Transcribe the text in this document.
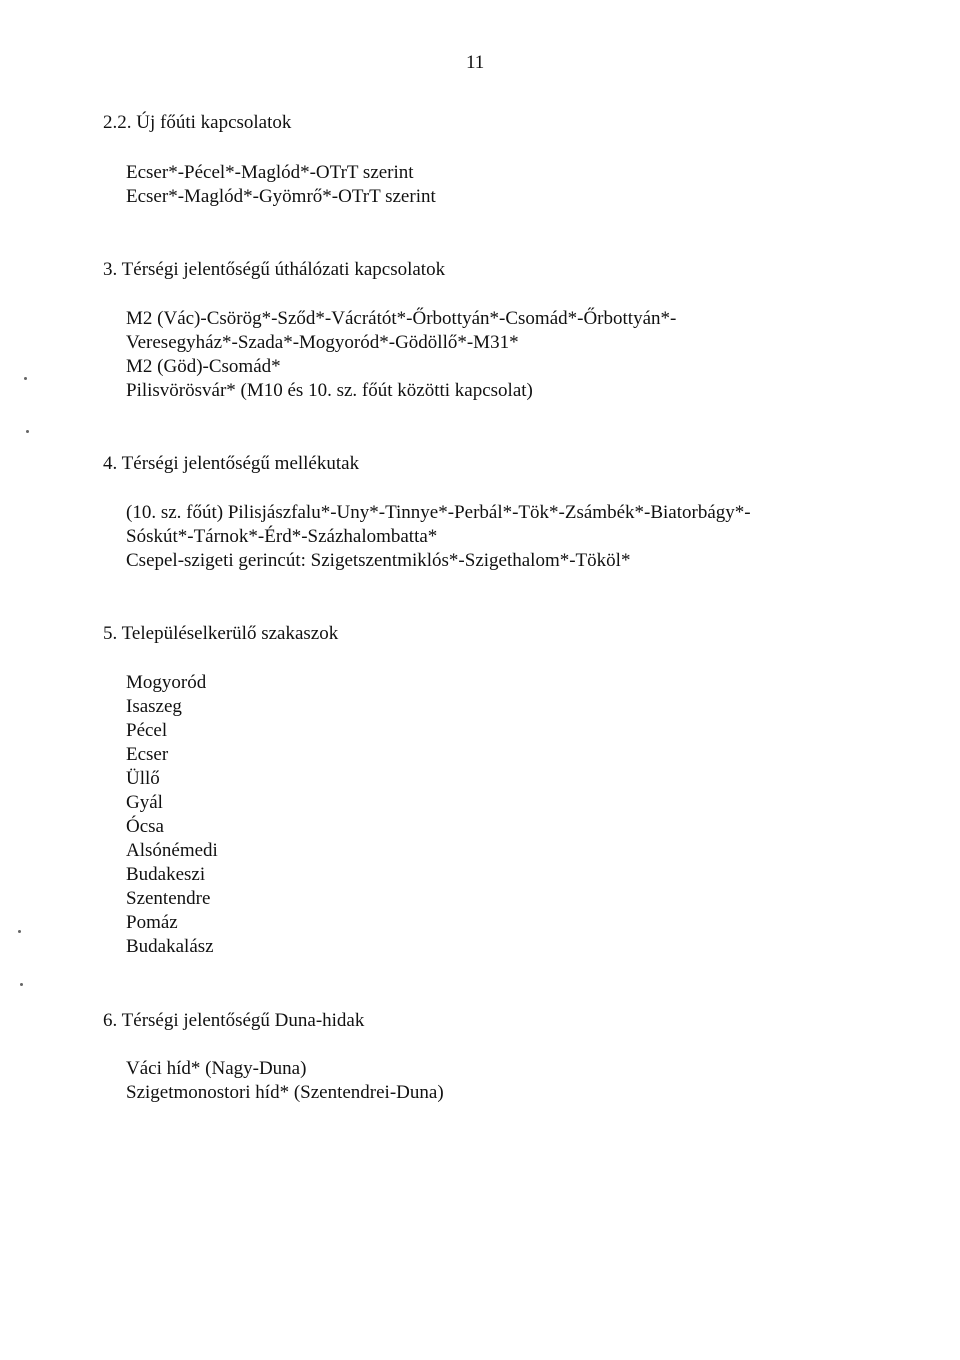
11
2.2. Új főúti kapcsolatok
Ecser*-Pécel*-Maglód*-OTrT szerint
Ecser*-Maglód*-Gyömrő*-OTrT szerint
3. Térségi jelentőségű úthálózati kapcsolatok
M2 (Vác)-Csörög*-Sződ*-Vácrátót*-Őrbottyán*-Csomád*-Őrbottyán*-
Veresegyház*-Szada*-Mogyoród*-Gödöllő*-M31*
M2 (Göd)-Csomád*
Pilisvörösvár* (M10 és 10. sz. főút közötti kapcsolat)
4. Térségi jelentőségű mellékutak
(10. sz. főút) Pilisjászfalu*-Uny*-Tinnye*-Perbál*-Tök*-Zsámbék*-Biatorbágy*-
Sóskút*-Tárnok*-Érd*-Százhalombatta*
Csepel-szigeti gerincút: Szigetszentmiklós*-Szigethalom*-Tököl*
5. Településelkerülő szakaszok
Mogyoród
Isaszeg
Pécel
Ecser
Üllő
Gyál
Ócsa
Alsónémedi
Budakeszi
Szentendre
Pomáz
Budakalász
6. Térségi jelentőségű Duna-hidak
Váci híd* (Nagy-Duna)
Szigetmonostori híd* (Szentendrei-Duna)
